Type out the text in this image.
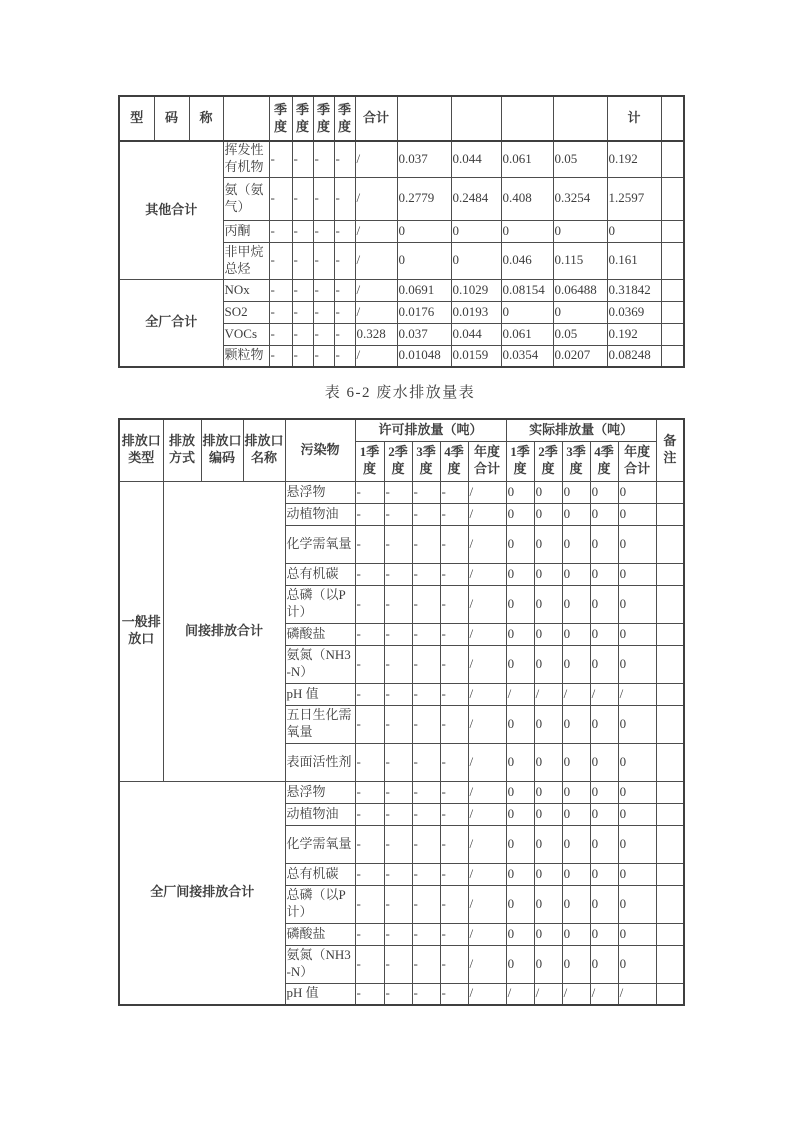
型	码	称		季度	季度	季度	季度	合计					计	
其他合计			挥发性有机物	-	-	-	-	/	0.037	0.044	0.061	0.05	0.192	
			氨（氨气）	-	-	-	-	/	0.2779	0.2484	0.408	0.3254	1.2597	
			丙酮	-	-	-	-	/	0	0	0	0	0	
			非甲烷总烃	-	-	-	-	/	0	0	0.046	0.115	0.161	
全厂合计			NOx	-	-	-	-	/	0.0691	0.1029	0.08154	0.06488	0.31842	
			SO2	-	-	-	-	/	0.0176	0.0193	0	0	0.0369	
			VOCs	-	-	-	-	0.328	0.037	0.044	0.061	0.05	0.192	
			颗粒物	-	-	-	-	/	0.01048	0.0159	0.0354	0.0207	0.08248	
表 6-2 废水排放量表
排放口类型	排放方式	排放口编码	排放口名称	污染物	许可排放量（吨）					实际排放量（吨）					备注
					1季度	2季度	3季度	4季度	年度合计	1季度	2季度	3季度	4季度	年度合计	
一般排放口	间接排放合计			悬浮物	-	-	-	-	/	0	0	0	0	0	
				动植物油	-	-	-	-	/	0	0	0	0	0	
				化学需氧量	-	-	-	-	/	0	0	0	0	0	
				总有机碳	-	-	-	-	/	0	0	0	0	0	
				总磷（以P计）	-	-	-	-	/	0	0	0	0	0	
				磷酸盐	-	-	-	-	/	0	0	0	0	0	
				氨氮（NH3-N）	-	-	-	-	/	0	0	0	0	0	
				pH 值	-	-	-	-	/	/	/	/	/	/	
				五日生化需氧量	-	-	-	-	/	0	0	0	0	0	
				表面活性剂	-	-	-	-	/	0	0	0	0	0	
全厂间接排放合计				悬浮物	-	-	-	-	/	0	0	0	0	0	
				动植物油	-	-	-	-	/	0	0	0	0	0	
				化学需氧量	-	-	-	-	/	0	0	0	0	0	
				总有机碳	-	-	-	-	/	0	0	0	0	0	
				总磷（以P计）	-	-	-	-	/	0	0	0	0	0	
				磷酸盐	-	-	-	-	/	0	0	0	0	0	
				氨氮（NH3-N）	-	-	-	-	/	0	0	0	0	0	
				pH 值	-	-	-	-	/	/	/	/	/	/	
